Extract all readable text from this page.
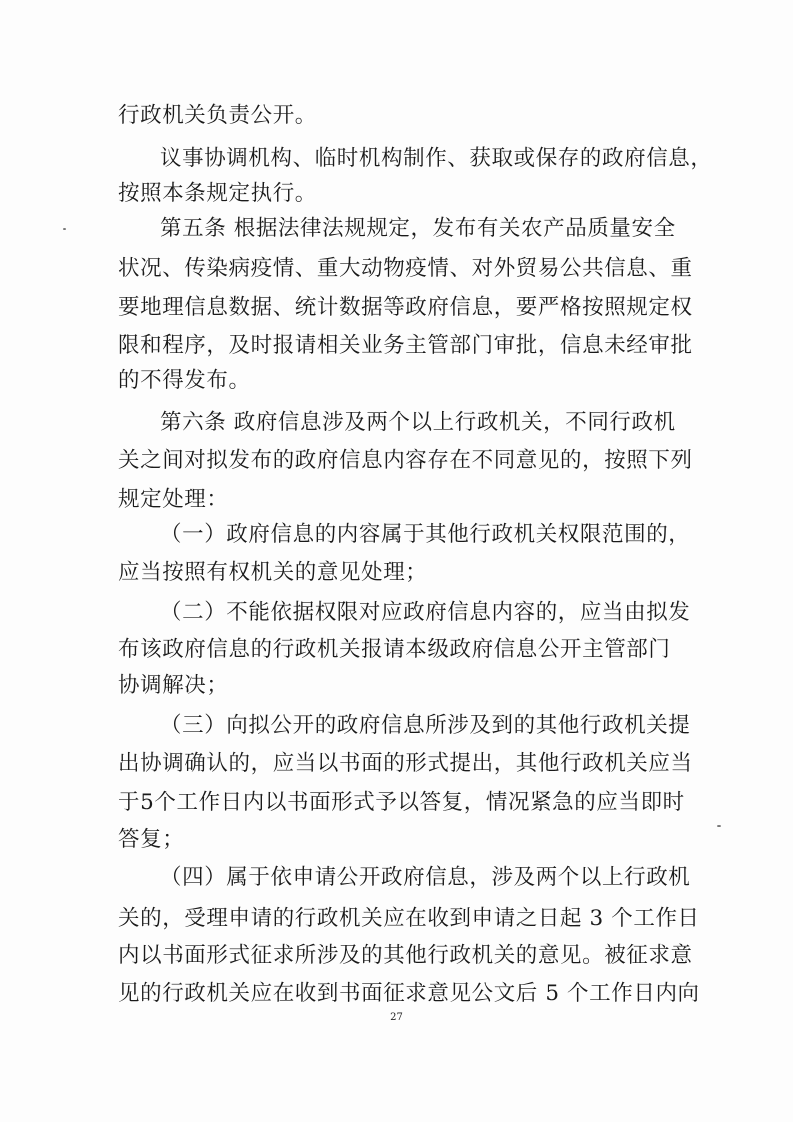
行政机关负责公开。
议事协调机构、临时机构制作、获取或保存的政府信息，
按照本条规定执行。
第五条 根据法律法规规定，发布有关农产品质量安全
状况、传染病疫情、重大动物疫情、对外贸易公共信息、重
要地理信息数据、统计数据等政府信息，要严格按照规定权
限和程序，及时报请相关业务主管部门审批，信息未经审批
的不得发布。
第六条 政府信息涉及两个以上行政机关，不同行政机
关之间对拟发布的政府信息内容存在不同意见的，按照下列
规定处理：
（一）政府信息的内容属于其他行政机关权限范围的，
应当按照有权机关的意见处理；
（二）不能依据权限对应政府信息内容的，应当由拟发
布该政府信息的行政机关报请本级政府信息公开主管部门
协调解决；
（三）向拟公开的政府信息所涉及到的其他行政机关提
出协调确认的，应当以书面的形式提出，其他行政机关应当
于5个工作日内以书面形式予以答复，情况紧急的应当即时
答复；
（四）属于依申请公开政府信息，涉及两个以上行政机
关的，受理申请的行政机关应在收到申请之日起 3 个工作日
内以书面形式征求所涉及的其他行政机关的意见。被征求意
见的行政机关应在收到书面征求意见公文后 5 个工作日内向
27
